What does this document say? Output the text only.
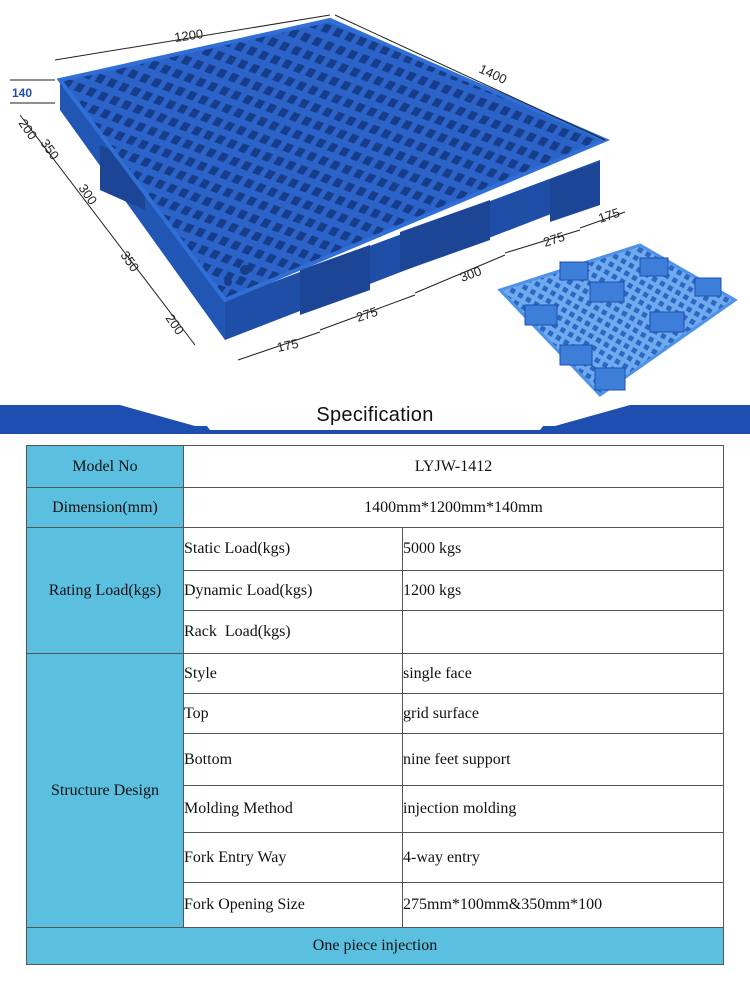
1200
1400
140
200
350
300
350
200
175
275
300
275
175
Specification
Model No	LYJW-1412	
Dimension(mm)	1400mm*1200mm*140mm	
Rating Load(kgs)	Static Load(kgs)	5000 kgs
	Dynamic Load(kgs)	1200 kgs
	Rack  Load(kgs)	
Structure Design	Style	single face
	Top	grid surface
	Bottom	nine feet support
	Molding Method	injection molding
	Fork Entry Way	4-way entry
	Fork Opening Size	275mm*100mm&350mm*100
One piece injection		
